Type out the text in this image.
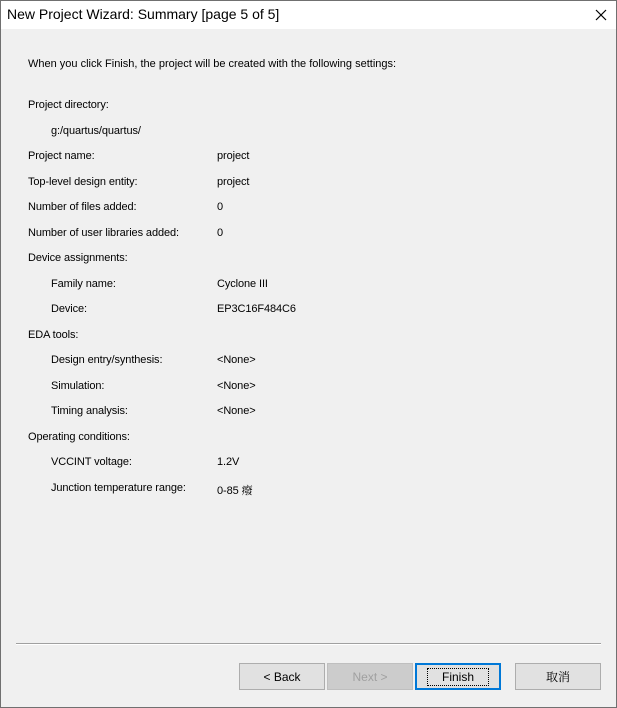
New Project Wizard: Summary [page 5 of 5]
When you click Finish, the project will be created with the following settings:
Project directory:
g:/quartus/quartus/
Project name:	project
Top-level design entity:	project
Number of files added:	0
Number of user libraries added:	0
Device assignments:
Family name:	Cyclone III
Device:	EP3C16F484C6
EDA tools:
Design entry/synthesis:	<None>
Simulation:	<None>
Timing analysis:	<None>
Operating conditions:
VCCINT voltage:	1.2V
Junction temperature range:	0-85 癈
< Back	Next >	Finish	取消
